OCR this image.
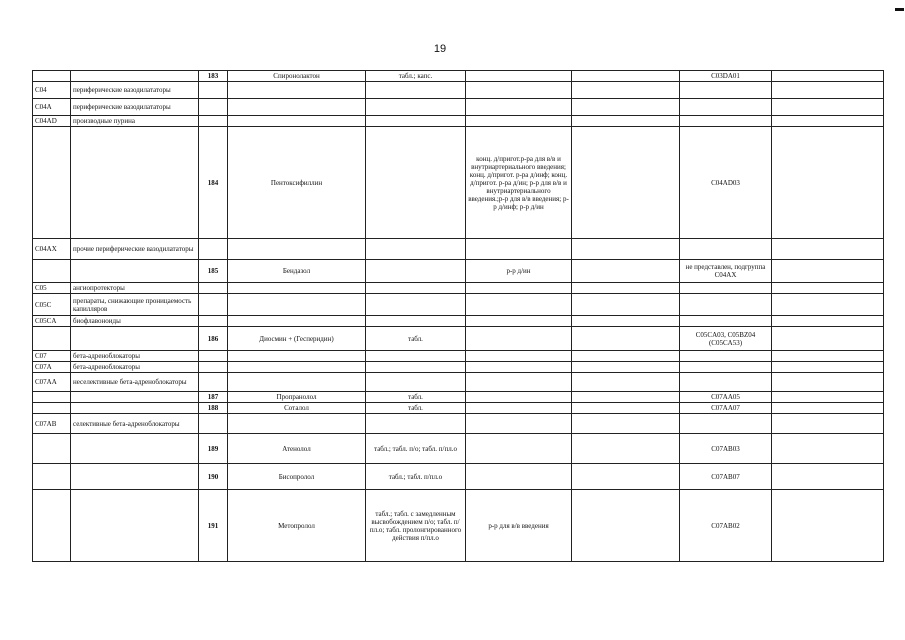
19
		183	Спиронолактон	табл.; капс.			C03DA01	
C04	периферические вазодилататоры							
C04A	периферические вазодилататоры							
C04AD	производные пурина							
		184	Пентоксифиллин		конц. д/пригот.р-ра для в/в и внутриартериального введения; конц. д/пригот. р-ра д/инф; конц. д/пригот. р-ра д/ин; р-р для в/в и внутриартериального введения.;р-р для в/в введения; р-р д/инф; р-р д/ин		C04AD03	
C04AX	прочие периферические вазодилататоры							
		185	Бендазол		р-р д/ин		не представлен, подгруппа C04AX	
C05	ангиопротекторы							
C05C	препараты, снижающие проницаемость капилляров							
C05CA	биофлавоноиды							
		186	Диосмин + (Гесперидин)	табл.			C05CA03, C05BZ04 (C05CA53)	
C07	бета-адреноблокаторы							
C07A	бета-адреноблокаторы							
C07AA	неселективные бета-адреноблокаторы							
		187	Пропранолол	табл.			C07AA05	
		188	Соталол	табл.			C07AA07	
C07AB	селективные бета-адреноблокаторы							
		189	Атенолол	табл.; табл. п/о; табл. п/пл.о			C07AB03	
		190	Бисопролол	табл.; табл. п/пл.о			C07AB07	
		191	Метопролол	табл.; табл. с замедленным высвобождением п/о; табл. п/пл.о; табл. пролонгированного действия п/пл.о	р-р для в/в введения		C07AB02	
